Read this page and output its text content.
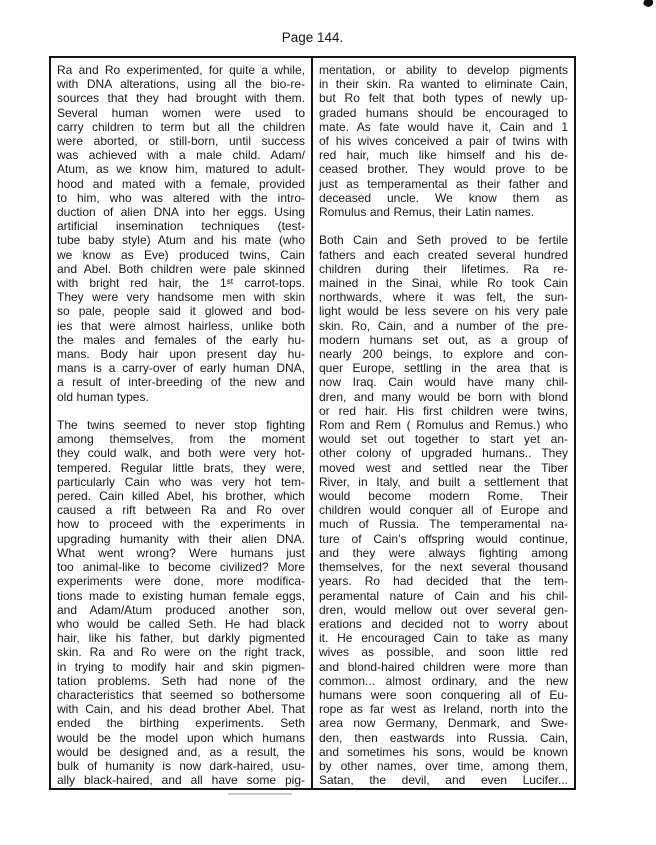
Page 144.
Ra and Ro experimented, for quite a while,
with DNA alterations, using all the bio-re-
sources that they had brought with them.
Several human women were used to
carry children to term but all the children
were aborted, or still-born, until success
was achieved with a male child. Adam/
Atum, as we know him, matured to adult-
hood and mated with a female, provided
to him, who was altered with the intro-
duction of alien DNA into her eggs. Using
artificial insemination techniques (test-
tube baby style) Atum and his mate (who
we know as Eve) produced twins, Cain
and Abel. Both children were pale skinned
with bright red hair, the 1ˢᵗ carrot-tops.
They were very handsome men with skin
so pale, people said it glowed and bod-
ies that were almost hairless, unlike both
the males and females of the early hu-
mans. Body hair upon present day hu-
mans is a carry-over of early human DNA,
a result of inter-breeding of the new and
old human types.
The twins seemed to never stop fighting
among themselves, from the moment
they could walk, and both were very hot-
tempered. Regular little brats, they were,
particularly Cain who was very hot tem-
pered. Cain killed Abel, his brother, which
caused a rift between Ra and Ro over
how to proceed with the experiments in
upgrading humanity with their alien DNA.
What went wrong? Were humans just
too animal-like to become civilized? More
experiments were done, more modifica-
tions made to existing human female eggs,
and Adam/Atum produced another son,
who would be called Seth. He had black
hair, like his father, but darkly pigmented
skin. Ra and Ro were on the right track,
in trying to modify hair and skin pigmen-
tation problems. Seth had none of the
characteristics that seemed so bothersome
with Cain, and his dead brother Abel. That
ended the birthing experiments. Seth
would be the model upon which humans
would be designed and, as a result, the
bulk of humanity is now dark-haired, usu-
ally black-haired, and all have some pig-
mentation, or ability to develop pigments
in their skin. Ra wanted to eliminate Cain,
but Ro felt that both types of newly up-
graded humans should be encouraged to
mate. As fate would have it, Cain and 1
of his wives conceived a pair of twins with
red hair, much like himself and his de-
ceased brother. They would prove to be
just as temperamental as their father and
deceased uncle. We know them as
Romulus and Remus, their Latin names.
Both Cain and Seth proved to be fertile
fathers and each created several hundred
children during their lifetimes. Ra re-
mained in the Sinai, while Ro took Cain
northwards, where it was felt, the sun-
light would be less severe on his very pale
skin. Ro, Cain, and a number of the pre-
modern humans set out, as a group of
nearly 200 beings, to explore and con-
quer Europe, settling in the area that is
now Iraq. Cain would have many chil-
dren, and many would be born with blond
or red hair. His first children were twins,
Rom and Rem ( Romulus and Remus.) who
would set out together to start yet an-
other colony of upgraded humans.. They
moved west and settled near the Tiber
River, in Italy, and built a settlement that
would become modern Rome. Their
children would conquer all of Europe and
much of Russia. The temperamental na-
ture of Cain’s offspring would continue,
and they were always fighting among
themselves, for the next several thousand
years. Ro had decided that the tem-
peramental nature of Cain and his chil-
dren, would mellow out over several gen-
erations and decided not to worry about
it. He encouraged Cain to take as many
wives as possible, and soon little red
and blond-haired children were more than
common... almost ordinary, and the new
humans were soon conquering all of Eu-
rope as far west as Ireland, north into the
area now Germany, Denmark, and Swe-
den, then eastwards into Russia. Cain,
and sometimes his sons, would be known
by other names, over time, among them,
Satan, the devil, and even Lucifer...
